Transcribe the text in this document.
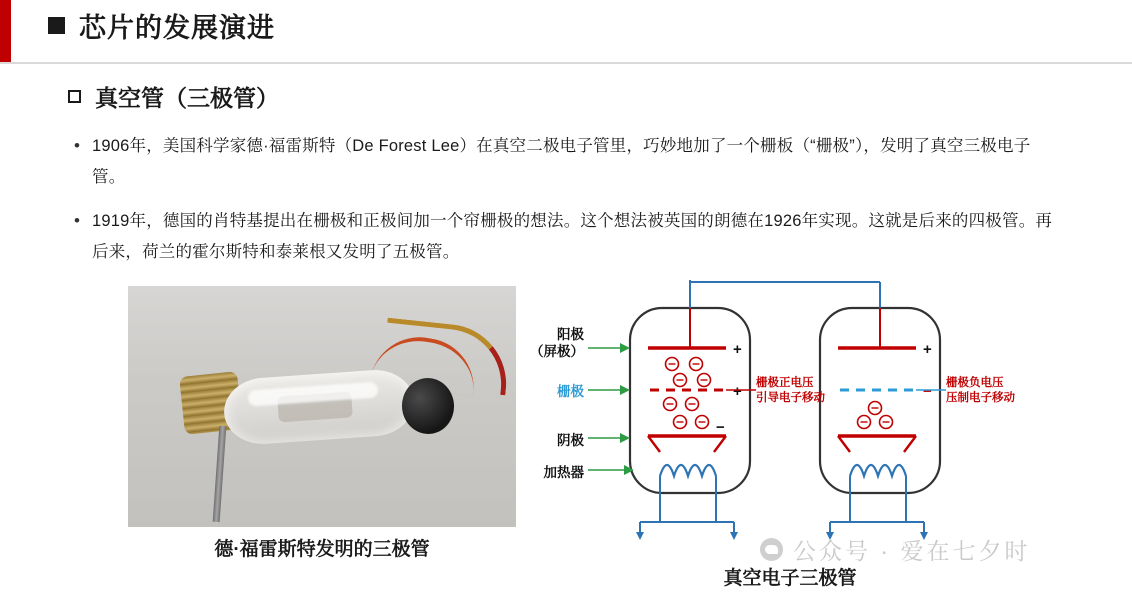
芯片的发展演进
真空管（三极管）
• 1906年，美国科学家德·福雷斯特（De Forest Lee）在真空二极电子管里，巧妙地加了一个栅板（“栅极”），发明了真空三极电子管。
• 1919年，德国的肖特基提出在栅极和正极间加一个帘栅极的想法。这个想法被英国的朗德在1926年实现。这就是后来的四极管。再后来，荷兰的霍尔斯特和泰莱根又发明了五极管。
德·福雷斯特发明的三极管
+
+
−
+
−
阳极
（屏极）
栅极
阴极
加热器
栅极正电压
引导电子移动
栅极负电压
压制电子移动
真空电子三极管
公众号 · 爱在七夕时
